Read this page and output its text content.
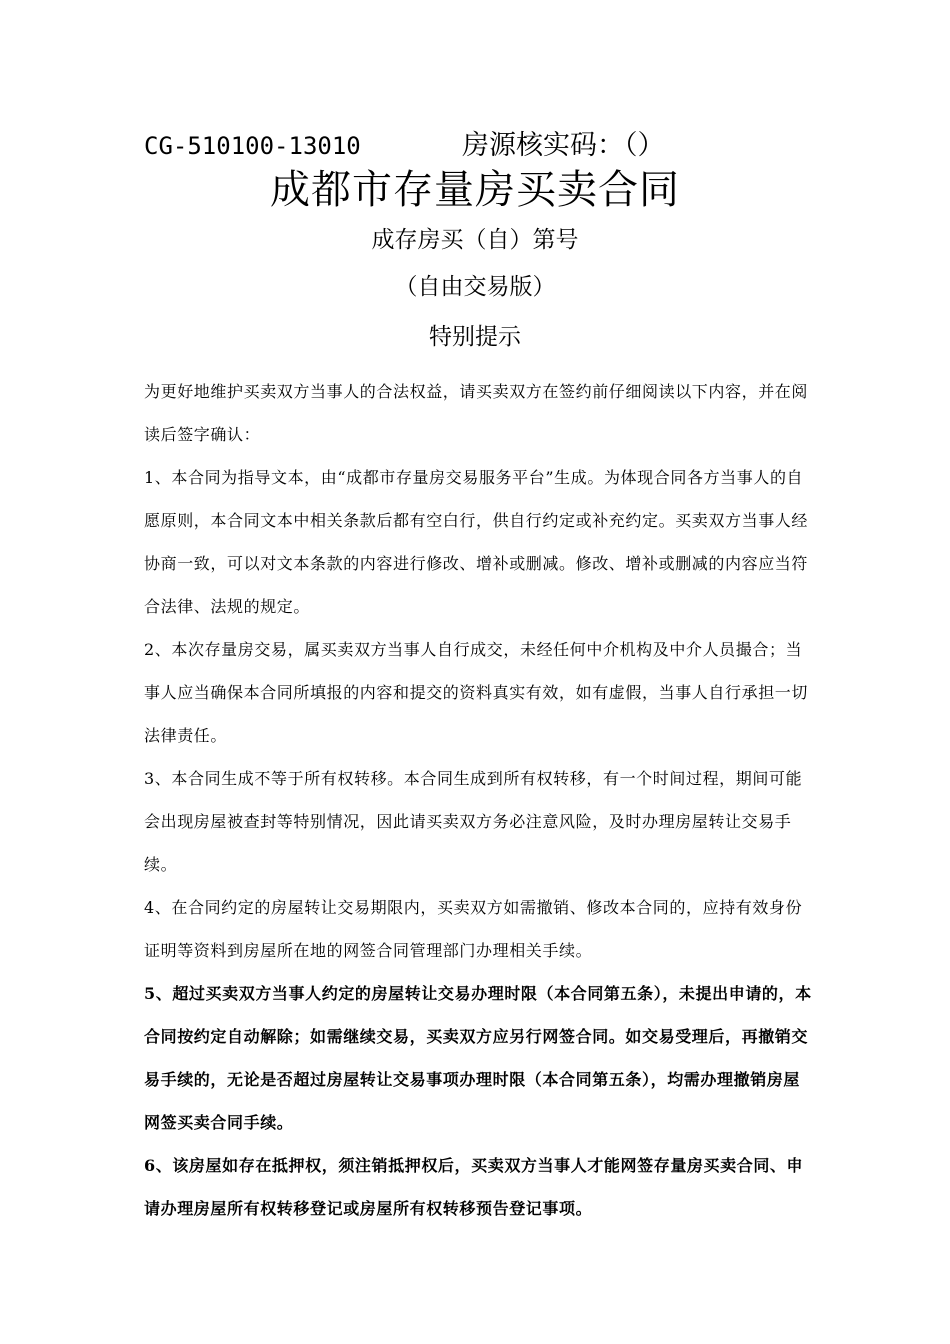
CG-510100-13010	房源核实码：（）
成都市存量房买卖合同
成存房买（自）第号
（自由交易版）
特别提示

为更好地维护买卖双方当事人的合法权益，请买卖双方在签约前仔细阅读以下内容，并在阅读后签字确认：

1、本合同为指导文本，由“成都市存量房交易服务平台”生成。为体现合同各方当事人的自愿原则，本合同文本中相关条款后都有空白行，供自行约定或补充约定。买卖双方当事人经协商一致，可以对文本条款的内容进行修改、增补或删减。修改、增补或删减的内容应当符合法律、法规的规定。

2、本次存量房交易，属买卖双方当事人自行成交，未经任何中介机构及中介人员撮合；当事人应当确保本合同所填报的内容和提交的资料真实有效，如有虚假，当事人自行承担一切法律责任。

3、本合同生成不等于所有权转移。本合同生成到所有权转移，有一个时间过程，期间可能会出现房屋被查封等特别情况，因此请买卖双方务必注意风险，及时办理房屋转让交易手续。

4、在合同约定的房屋转让交易期限内，买卖双方如需撤销、修改本合同的，应持有效身份证明等资料到房屋所在地的网签合同管理部门办理相关手续。

5、超过买卖双方当事人约定的房屋转让交易办理时限（本合同第五条），未提出申请的，本合同按约定自动解除；如需继续交易，买卖双方应另行网签合同。如交易受理后，再撤销交易手续的，无论是否超过房屋转让交易事项办理时限（本合同第五条），均需办理撤销房屋网签买卖合同手续。

6、该房屋如存在抵押权，须注销抵押权后，买卖双方当事人才能网签存量房买卖合同、申请办理房屋所有权转移登记或房屋所有权转移预告登记事项。
